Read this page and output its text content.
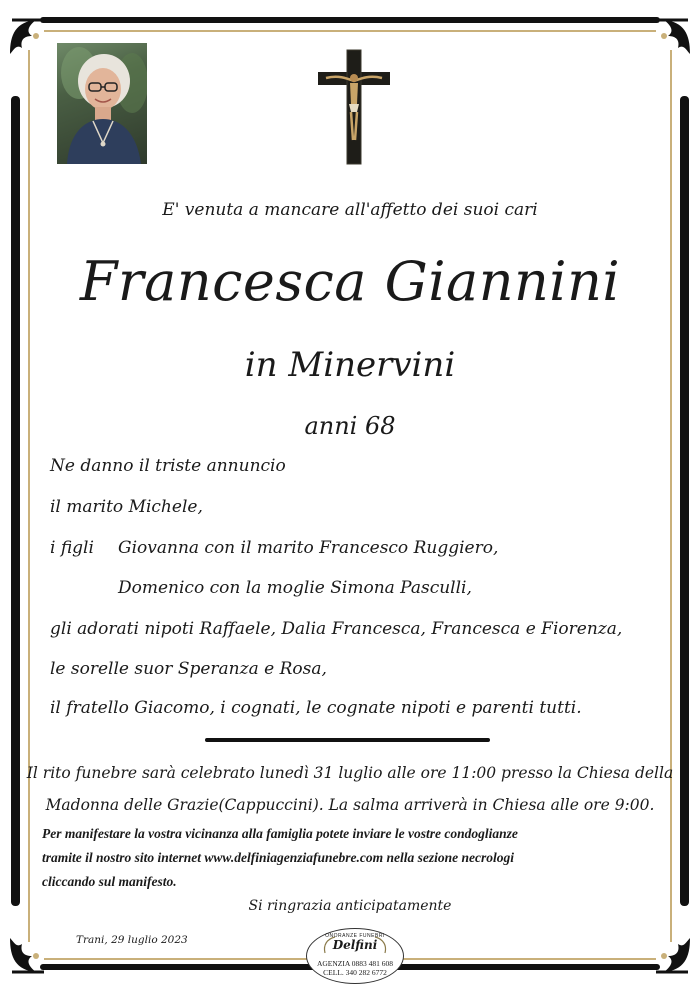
E' venuta a mancare all'affetto dei suoi cari
Francesca Giannini
in Minervini
anni 68
Ne danno il triste annuncio
il marito Michele,
i figli Giovanna con il marito Francesco Ruggiero,
Domenico con la moglie Simona Pasculli,
gli adorati nipoti Raffaele, Dalia Francesca, Francesca e Fiorenza,
le sorelle suor Speranza e Rosa,
il fratello Giacomo, i cognati, le cognate nipoti e parenti tutti.
Il rito funebre sarà celebrato lunedì 31 luglio alle ore 11:00 presso la Chiesa della
Madonna delle Grazie(Cappuccini). La salma arriverà in Chiesa alle ore 9:00.
Per manifestare la vostra vicinanza alla famiglia potete inviare le vostre condoglianze
tramite il nostro sito internet www.delfiniagenziafunebre.com nella sezione necrologi
cliccando sul manifesto.
Si ringrazia anticipatamente
Trani, 29 luglio 2023	ONORANZE FUNEBRI
Delfini
AGENZIA 0883 481 608
CELL. 340 282 6772
